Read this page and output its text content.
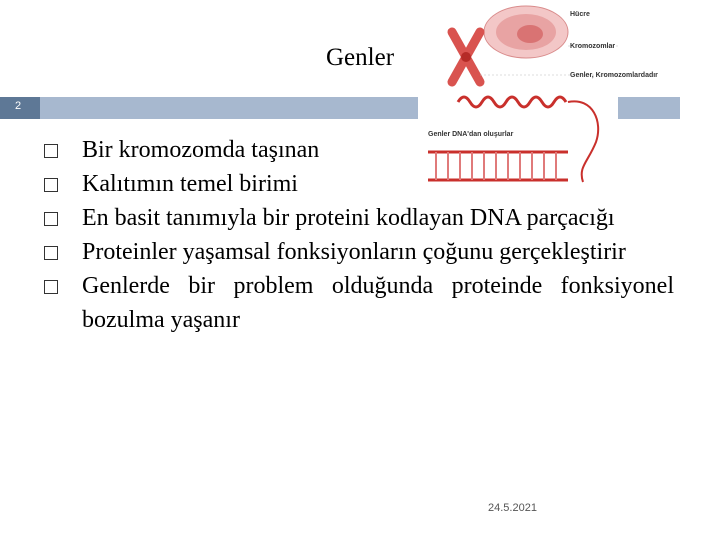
Genler
2
Hücre
Kromozomlar
Genler, Kromozomlardadır
Genler DNA'dan oluşurlar
Bir kromozomda taşınan
Kalıtımın temel birimi
En basit tanımıyla bir proteini kodlayan DNA parçacığı
Proteinler yaşamsal fonksiyonların çoğunu gerçekleştirir
Genlerde bir problem olduğunda proteinde fonksiyonel bozulma yaşanır
24.5.2021
